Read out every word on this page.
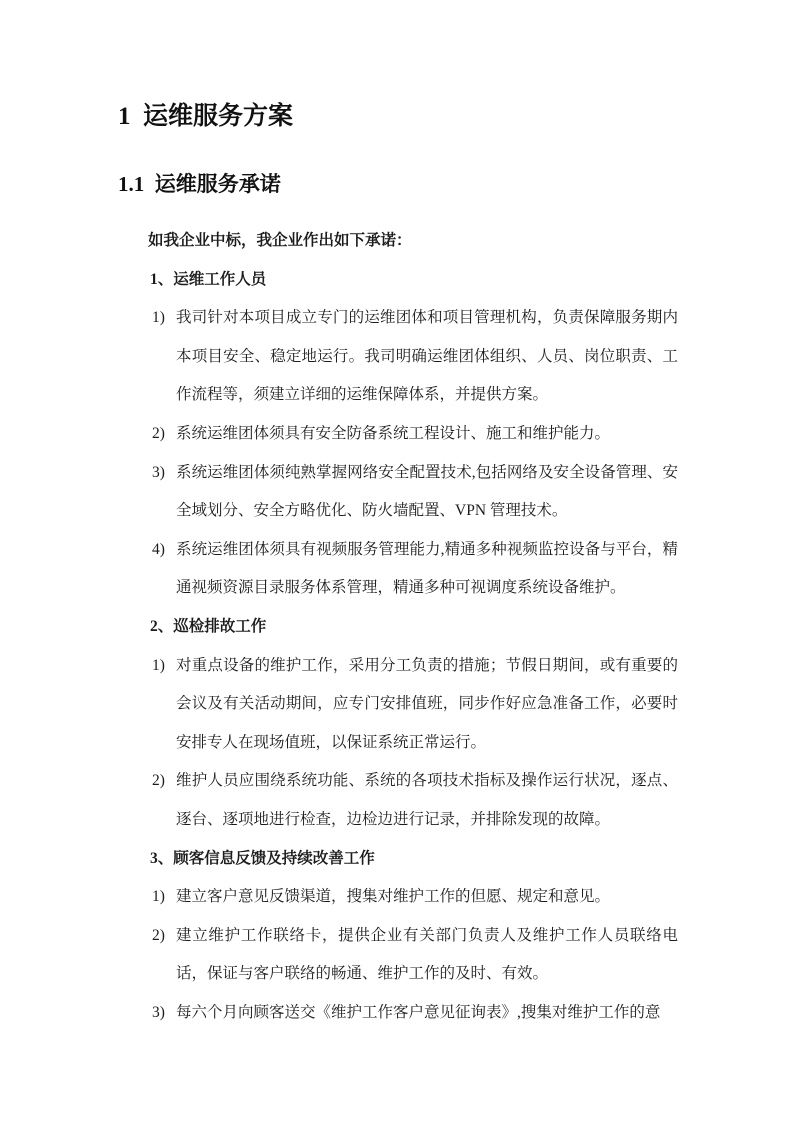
1  运维服务方案
1.1  运维服务承诺

如我企业中标，我企业作出如下承诺：

1、运维工作人员

1) 我司针对本项目成立专门的运维团体和项目管理机构，负责保障服务期内本项目安全、稳定地运行。我司明确运维团体组织、人员、岗位职责、工作流程等，须建立详细的运维保障体系，并提供方案。
2) 系统运维团体须具有安全防备系统工程设计、施工和维护能力。
3) 系统运维团体须纯熟掌握网络安全配置技术,包括网络及安全设备管理、安全域划分、安全方略优化、防火墙配置、VPN 管理技术。
4) 系统运维团体须具有视频服务管理能力,精通多种视频监控设备与平台，精通视频资源目录服务体系管理，精通多种可视调度系统设备维护。

2、巡检排故工作

1) 对重点设备的维护工作，采用分工负责的措施；节假日期间，或有重要的会议及有关活动期间，应专门安排值班，同步作好应急准备工作，必要时安排专人在现场值班，以保证系统正常运行。
2) 维护人员应围绕系统功能、系统的各项技术指标及操作运行状况，逐点、逐台、逐项地进行检查，边检边进行记录，并排除发现的故障。

3、顾客信息反馈及持续改善工作

1) 建立客户意见反馈渠道，搜集对维护工作的但愿、规定和意见。
2) 建立维护工作联络卡，提供企业有关部门负责人及维护工作人员联络电话，保证与客户联络的畅通、维护工作的及时、有效。
3) 每六个月向顾客送交《维护工作客户意见征询表》,搜集对维护工作的意
